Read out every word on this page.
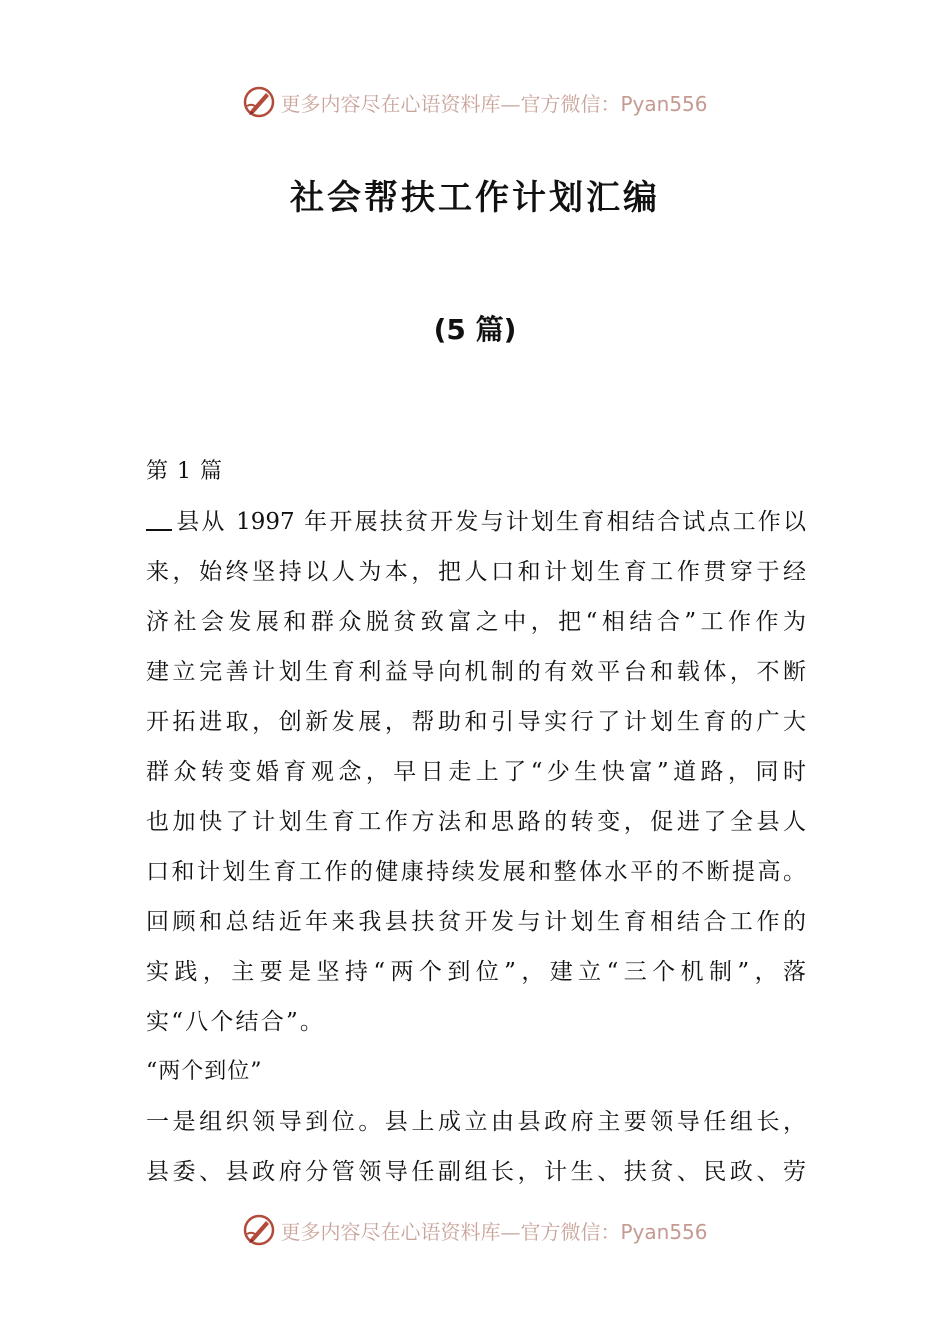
更多内容尽在心语资料库—官方微信：Pyan556
社会帮扶工作计划汇编
(5 篇)
第 1 篇
县从 1997 年开展扶贫开发与计划生育相结合试点工作以
来，始终坚持以人为本，把人口和计划生育工作贯穿于经
济社会发展和群众脱贫致富之中，把“相结合”工作作为
建立完善计划生育利益导向机制的有效平台和载体，不断
开拓进取，创新发展，帮助和引导实行了计划生育的广大
群众转变婚育观念，早日走上了“少生快富”道路，同时
也加快了计划生育工作方法和思路的转变，促进了全县人
口和计划生育工作的健康持续发展和整体水平的不断提高。
回顾和总结近年来我县扶贫开发与计划生育相结合工作的
实践，主要是坚持“两个到位”，建立“三个机制”，落
实“八个结合”。
“两个到位”
一是组织领导到位。县上成立由县政府主要领导任组长，
县委、县政府分管领导任副组长，计生、扶贫、民政、劳
更多内容尽在心语资料库—官方微信：Pyan556
